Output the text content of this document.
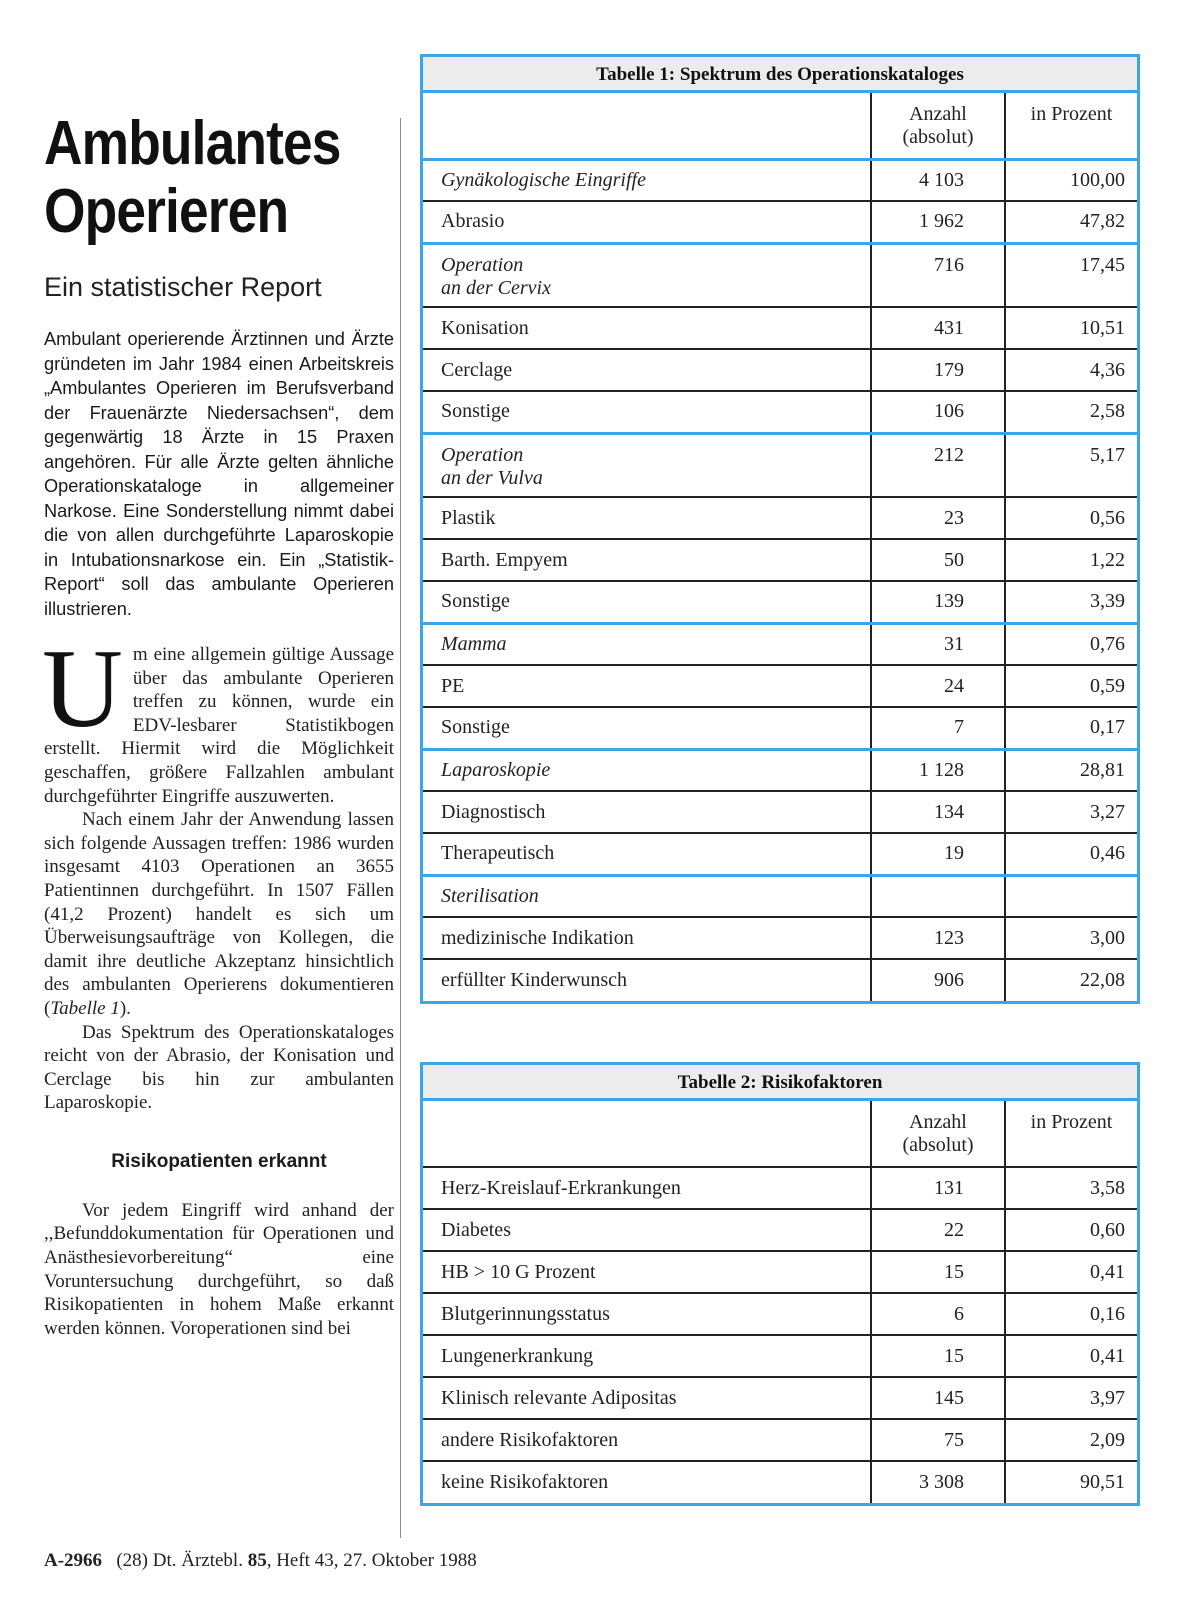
Ambulantes
Operieren
Ein statistischer Report

Ambulant operierende Ärztinnen und Ärzte gründeten im Jahr 1984 einen Arbeitskreis „Ambulantes Operieren im Berufsverband der Frauenärzte Niedersachsen“, dem gegenwärtig 18 Ärzte in 15 Praxen angehören. Für alle Ärzte gelten ähnliche Operationskataloge in allgemeiner Narkose. Eine Sonderstellung nimmt dabei die von allen durchgeführte Laparoskopie in Intubationsnarkose ein. Ein „Statistik-Report“ soll das ambulante Operieren illustrieren.

Um eine allgemein gültige Aussage über das ambulante Operieren treffen zu können, wurde ein EDV-lesbarer Statistikbogen erstellt. Hiermit wird die Möglichkeit geschaffen, größere Fallzahlen ambulant durchgeführter Eingriffe auszuwerten.

Nach einem Jahr der Anwendung lassen sich folgende Aussagen treffen: 1986 wurden insgesamt 4103 Operationen an 3655 Patientinnen durchgeführt. In 1507 Fällen (41,2 Prozent) handelt es sich um Überweisungsaufträge von Kollegen, die damit ihre deutliche Akzeptanz hinsichtlich des ambulanten Operierens dokumentieren (Tabelle 1).

Das Spektrum des Operationskataloges reicht von der Abrasio, der Konisation und Cerclage bis hin zur ambulanten Laparoskopie.

Risikopatienten erkannt

Vor jedem Eingriff wird anhand der ,,Befunddokumentation für Operationen und Anästhesievorbereitung“ eine Voruntersuchung durchgeführt, so daß Risikopatienten in hohem Maße erkannt werden können. Voroperationen sind bei

Tabelle 1: Spektrum des Operationskataloges

	Anzahl
(absolut)	in Prozent
Gynäkologische Eingriffe	4 103	100,00
Abrasio	1 962	47,82

Operation
an der Cervix	716	17,45
Konisation	431	10,51
Cerclage	179	4,36
Sonstige	106	2,58

Operation
an der Vulva	212	5,17
Plastik	23	0,56
Barth. Empyem	50	1,22
Sonstige	139	3,39
Mamma	31	0,76
PE	24	0,59
Sonstige	7	0,17
Laparoskopie	1 128	28,81
Diagnostisch	134	3,27
Therapeutisch	19	0,46
Sterilisation		
medizinische Indikation	123	3,00
erfüllter Kinderwunsch	906	22,08
Tabelle 2: Risikofaktoren

	Anzahl
(absolut)	in Prozent
Herz-Kreislauf-Erkrankungen	131	3,58
Diabetes	22	0,60
HB > 10 G Prozent	15	0,41
Blutgerinnungsstatus	6	0,16
Lungenerkrankung	15	0,41
Klinisch relevante Adipositas	145	3,97
andere Risikofaktoren	75	2,09
keine Risikofaktoren	3 308	90,51
A-2966 (28) Dt. Ärztebl. 85, Heft 43, 27. Oktober 1988
